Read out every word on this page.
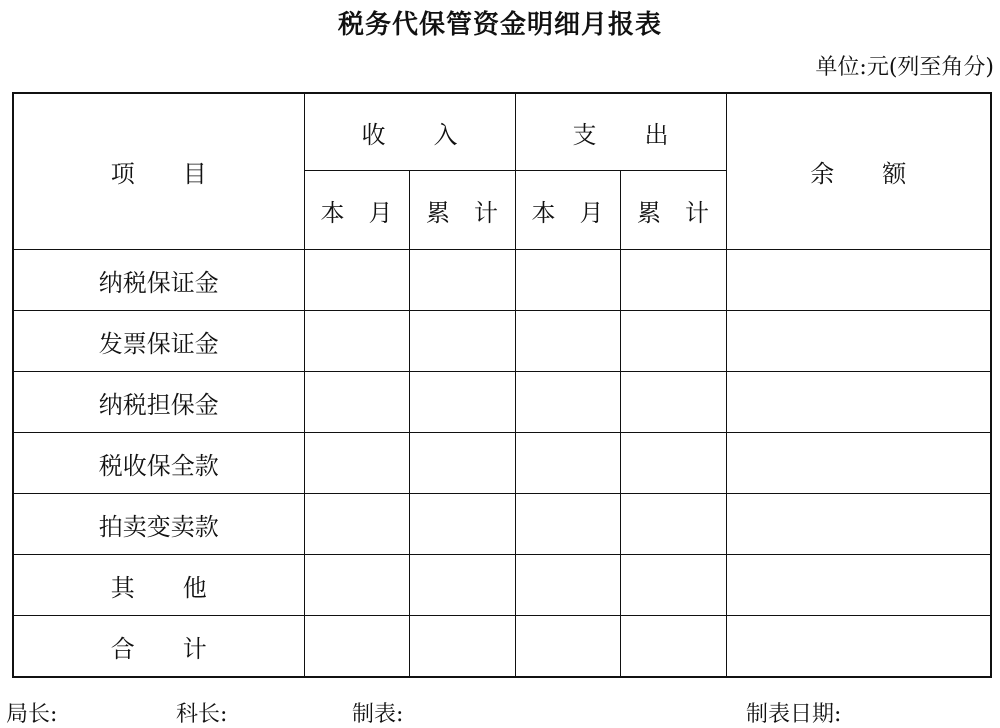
税务代保管资金明细月报表
单位:元(列至角分)
项　　目	收　　入		支　　出		余　　额
	本　月	累　计	本　月	累　计	
纳税保证金					
发票保证金					
纳税担保金					
税收保全款					
拍卖变卖款					
其　　他					
合　　计					
局长:	科长:	制表:	制表日期:
